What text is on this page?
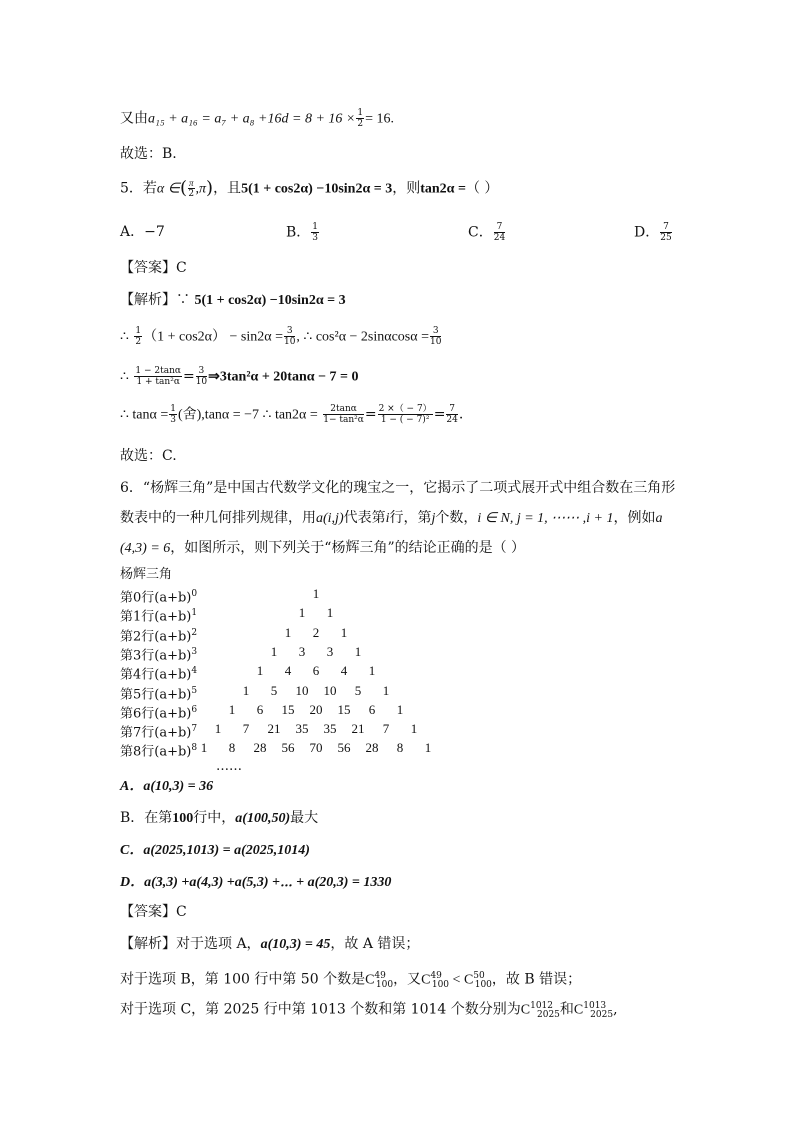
又由$a_{15} + a_{16} = a_7 + a_8 +16d = 8 + 16 \times \frac{1}{2} = 16$.
故选：B.
5．若α ∈( $\frac{\pi}{2} ,\pi$)，且5(1 + cos2α) −10sin2α = 3，则tan2α =（ ）
A．−7	B． $\frac{1}{3}$	C． $\frac{7}{24}$	D． $\frac{7}{25}$
【答案】C
【解析】∵ 5(1 + cos2α) −10sin2α = 3
∴ $\frac{1}{2} (1 + \cos 2\alpha) - \sin 2\alpha = \frac{3}{10}$ , ∴ $\cos^2\alpha - 2\sin\alpha\cos\alpha = \frac{3}{10}$
∴ $\frac{1 - 2\tan\alpha}{\text{1 + tan²α}} = \frac{3}{10}$ ⇒3tan²α + 20tanα − 7 = 0
∴ $\tan\alpha = \frac{1}{3}$ (舍),tanα = −7 ∴ $\tan 2\alpha = \frac{2\tan\alpha}{\text{1− tan²α}} = \frac{2 \times( - 7)}{\text{1 − ( − 7)²}} = \frac{7}{24}$ .
故选：C.
6．“杨辉三角”是中国古代数学文化的瑰宝之一，它揭示了二项式展开式中组合数在三角形
数表中的一种几何排列规律，用a(i,j)代表第i行，第j个数，i ∈ N, j = 1, ⋯⋯ ,i + 1，例如a
(4,3) = 6，如图所示，则下列关于“杨辉三角”的结论正确的是（ ）
杨辉三角
第0行$(a+b)^0$	1
第1行$(a+b)^1$	1	1
第2行$(a+b)^2$	1	2	1
第3行$(a+b)^3$	1	3	3	1
第4行$(a+b)^4$	1	4	6	4	1
第5行$(a+b)^5$	1	5	10	10	5	1
第6行$(a+b)^6$	1	6	15	20	15	6	1
第7行$(a+b)^7$	1	7	21	35	35	21	7	1
第8行$(a+b)^8$ 1	8	28	56	70	56	28	8	1
……
A．a(10,3) = 36
B．在第100行中，a(100,50)最大
C．a(2025,1013) = a(2025,1014)
D．a(3,3) +a(4,3) +a(5,3) +⋯ + a(20,3) = 1330
【答案】C
【解析】对于选项 A，a(10,3) = 45，故 A 错误；
对于选项 B，第 100 行中第 50 个数是$C^{49}_{100}$，又$C^{49}_{100} < C^{50}_{100}$，故 B 错误；
对于选项 C，第 2025 行中第 1013 个数和第 1014 个数分别为$C^{1012}_{2025}$和$C^{1013}_{2025}$,
